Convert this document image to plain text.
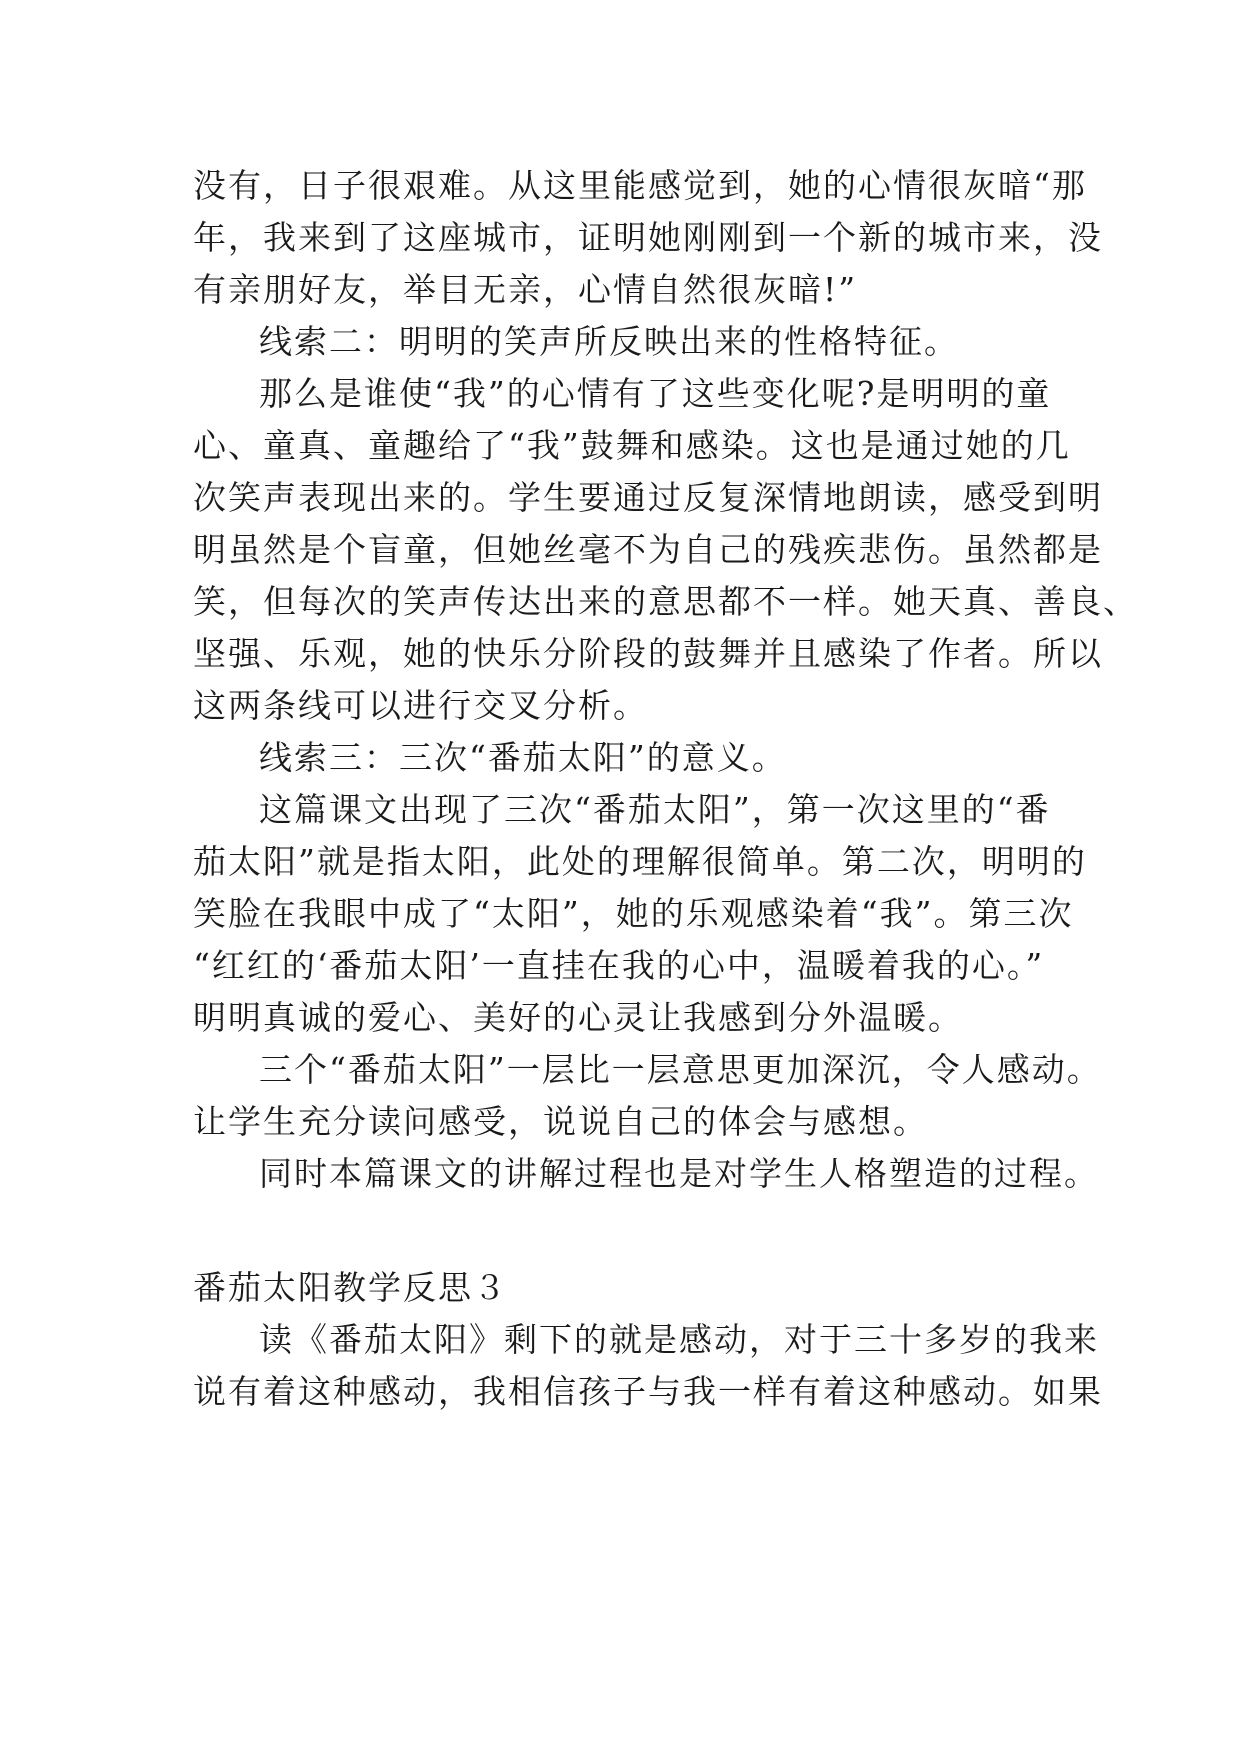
没有，日子很艰难。从这里能感觉到，她的心情很灰暗“那
年，我来到了这座城市，证明她刚刚到一个新的城市来，没
有亲朋好友，举目无亲，心情自然很灰暗!”
线索二：明明的笑声所反映出来的性格特征。
那么是谁使“我”的心情有了这些变化呢?是明明的童
心、童真、童趣给了“我”鼓舞和感染。这也是通过她的几
次笑声表现出来的。学生要通过反复深情地朗读，感受到明
明虽然是个盲童，但她丝毫不为自己的残疾悲伤。虽然都是
笑，但每次的笑声传达出来的意思都不一样。她天真、善良、
坚强、乐观，她的快乐分阶段的鼓舞并且感染了作者。所以
这两条线可以进行交叉分析。
线索三：三次“番茄太阳”的意义。
这篇课文出现了三次“番茄太阳”，第一次这里的“番
茄太阳”就是指太阳，此处的理解很简单。第二次，明明的
笑脸在我眼中成了“太阳”，她的乐观感染着“我”。第三次
“红红的‘番茄太阳’一直挂在我的心中，温暖着我的心。”
明明真诚的爱心、美好的心灵让我感到分外温暖。
三个“番茄太阳”一层比一层意思更加深沉，令人感动。
让学生充分读问感受，说说自己的体会与感想。
同时本篇课文的讲解过程也是对学生人格塑造的过程。
番茄太阳教学反思３
读《番茄太阳》剩下的就是感动，对于三十多岁的我来
说有着这种感动，我相信孩子与我一样有着这种感动。如果
